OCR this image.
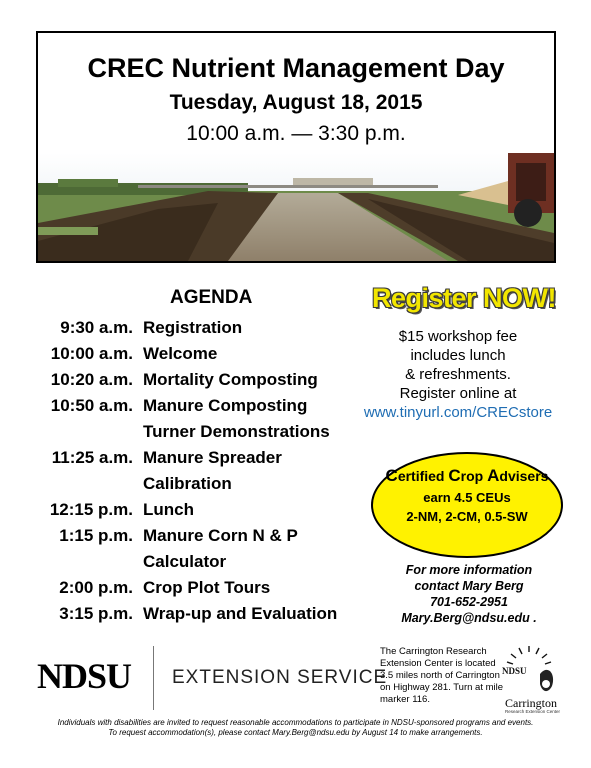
CREC Nutrient Management Day
Tuesday, August 18, 2015
10:00 a.m. — 3:30 p.m.
AGENDA
9:30 a.m. Registration
10:00 a.m. Welcome
10:20 a.m. Mortality Composting
10:50 a.m. Manure Composting
Turner Demonstrations
11:25 a.m. Manure Spreader
Calibration
12:15 p.m. Lunch
1:15 p.m. Manure Corn N & P
Calculator
2:00 p.m. Crop Plot Tours
3:15 p.m. Wrap-up and Evaluation
Register NOW!
$15 workshop fee
includes lunch
& refreshments.
Register online at
www.tinyurl.com/CRECstore
Certified Crop Advisers
earn 4.5 CEUs
2-NM, 2-CM, 0.5-SW
For more information
contact Mary Berg
701-652-2951
Mary.Berg@ndsu.edu .
NDSU EXTENSION SERVICE
The Carrington Research Extension Center is located 3.5 miles north of Carrington on Highway 281. Turn at mile marker 116.
NDSU
Carrington
Research Extension Center
Individuals with disabilities are invited to request reasonable accommodations to participate in NDSU-sponsored programs and events.
To request accommodation(s), please contact Mary.Berg@ndsu.edu by August 14 to make arrangements.
